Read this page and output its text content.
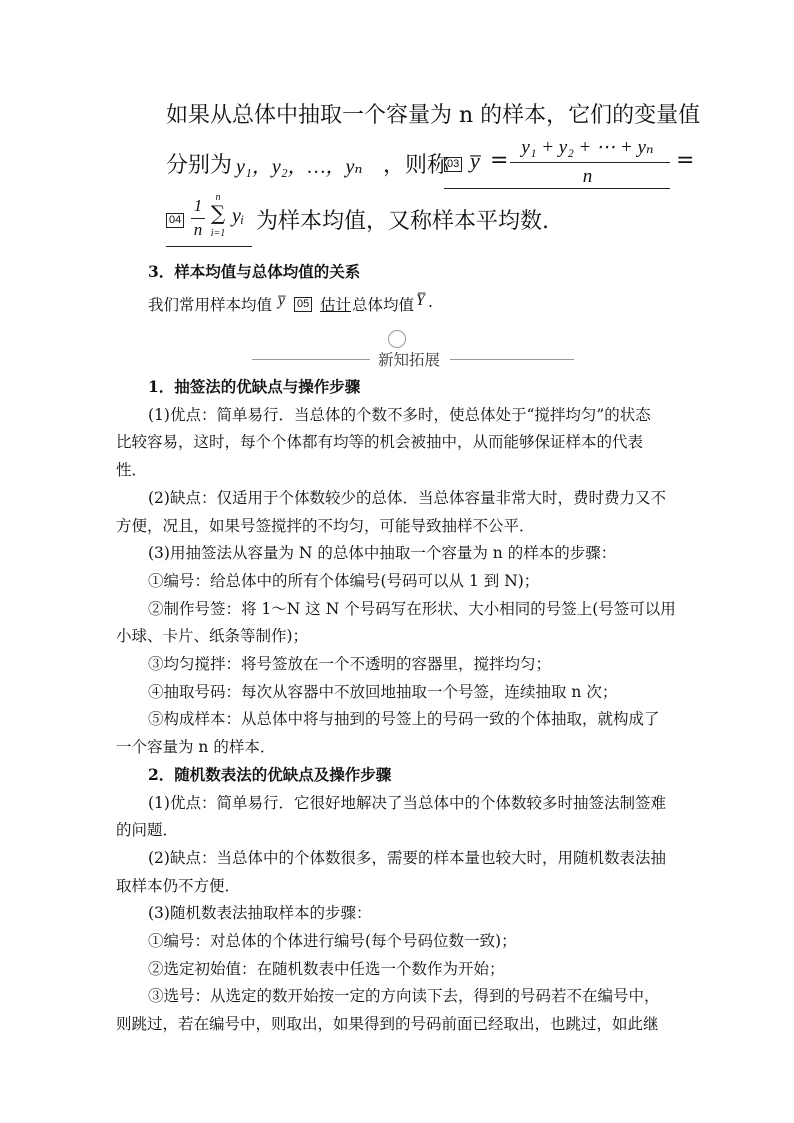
如果从总体中抽取一个容量为 n 的样本，它们的变量值
分别为 y₁，y₂，…，yₙ ，则称
03 y̅ =
y₁ + y₂ + ⋯ + yₙ
n
=
04
1
n
n
∑
i=1
yᵢ 为样本均值，又称样本平均数.
3．样本均值与总体均值的关系
我们常用样本均值 y̅ 05 估计 总体均值 Y̅ .
新知拓展
1．抽签法的优缺点与操作步骤
(1)优点：简单易行．当总体的个数不多时，使总体处于“搅拌均匀”的状态
比较容易，这时，每个个体都有均等的机会被抽中，从而能够保证样本的代表
性．
(2)缺点：仅适用于个体数较少的总体．当总体容量非常大时，费时费力又不
方便，况且，如果号签搅拌的不均匀，可能导致抽样不公平．
(3)用抽签法从容量为 N 的总体中抽取一个容量为 n 的样本的步骤：
①编号：给总体中的所有个体编号(号码可以从 1 到 N)；
②制作号签：将 1～N 这 N 个号码写在形状、大小相同的号签上(号签可以用
小球、卡片、纸条等制作)；
③均匀搅拌：将号签放在一个不透明的容器里，搅拌均匀；
④抽取号码：每次从容器中不放回地抽取一个号签，连续抽取 n 次；
⑤构成样本：从总体中将与抽到的号签上的号码一致的个体抽取，就构成了
一个容量为 n 的样本．
2．随机数表法的优缺点及操作步骤
(1)优点：简单易行．它很好地解决了当总体中的个体数较多时抽签法制签难
的问题．
(2)缺点：当总体中的个体数很多，需要的样本量也较大时，用随机数表法抽
取样本仍不方便．
(3)随机数表法抽取样本的步骤：
①编号：对总体的个体进行编号(每个号码位数一致)；
②选定初始值：在随机数表中任选一个数作为开始；
③选号：从选定的数开始按一定的方向读下去，得到的号码若不在编号中，
则跳过，若在编号中，则取出，如果得到的号码前面已经取出，也跳过，如此继
